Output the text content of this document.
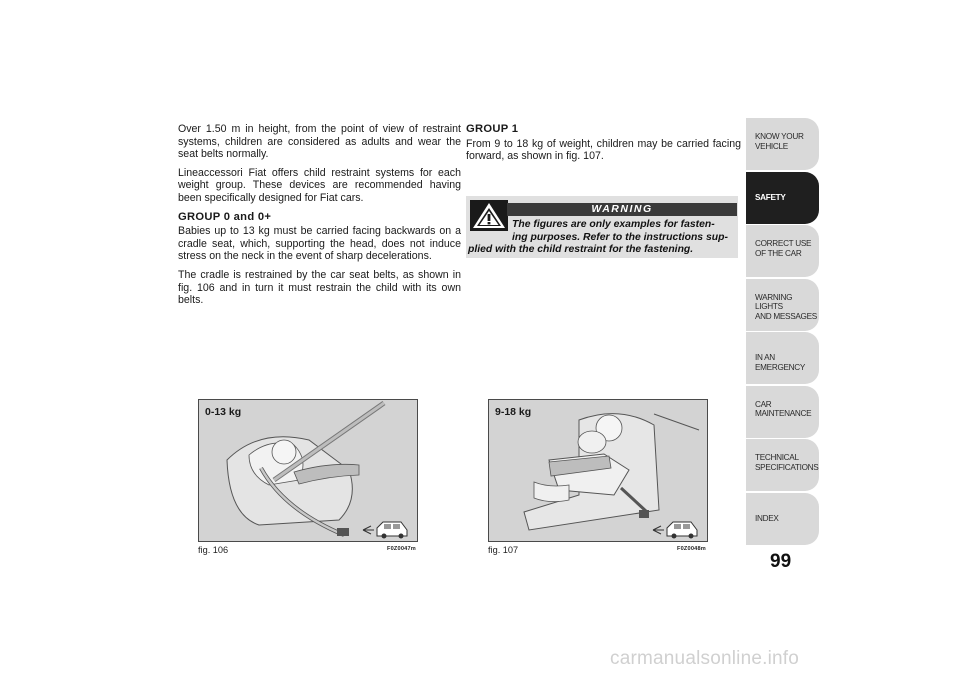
Over 1.50 m in height, from the point of view of restraint systems, children are considered as adults and wear the seat belts normally.

Lineaccessori Fiat offers child restraint systems for each weight group. These devices are recommended having been specifically designed for Fiat cars.

GROUP 0 and 0+

Babies up to 13 kg must be carried facing backwards on a cradle seat, which, supporting the head, does not induce stress on the neck in the event of sharp decelerations.

The cradle is restrained by the car seat belts, as shown in fig. 106 and in turn it must restrain the child with its own belts.

GROUP 1

From 9 to 18 kg of weight, children may be carried facing forward, as shown in fig. 107.

WARNING
The figures are only examples for fasten-
ing purposes. Refer to the instructions sup-
plied with the child restraint for the fastening.
0-13 kg
fig. 106	F0Z0047m
9-18 kg
fig. 107	F0Z0048m
KNOW YOUR
VEHICLE
SAFETY
CORRECT USE
OF THE CAR
WARNING LIGHTS
AND MESSAGES
IN AN EMERGENCY
CAR
MAINTENANCE
TECHNICAL
SPECIFICATIONS
INDEX
99
carmanualsonline.info
